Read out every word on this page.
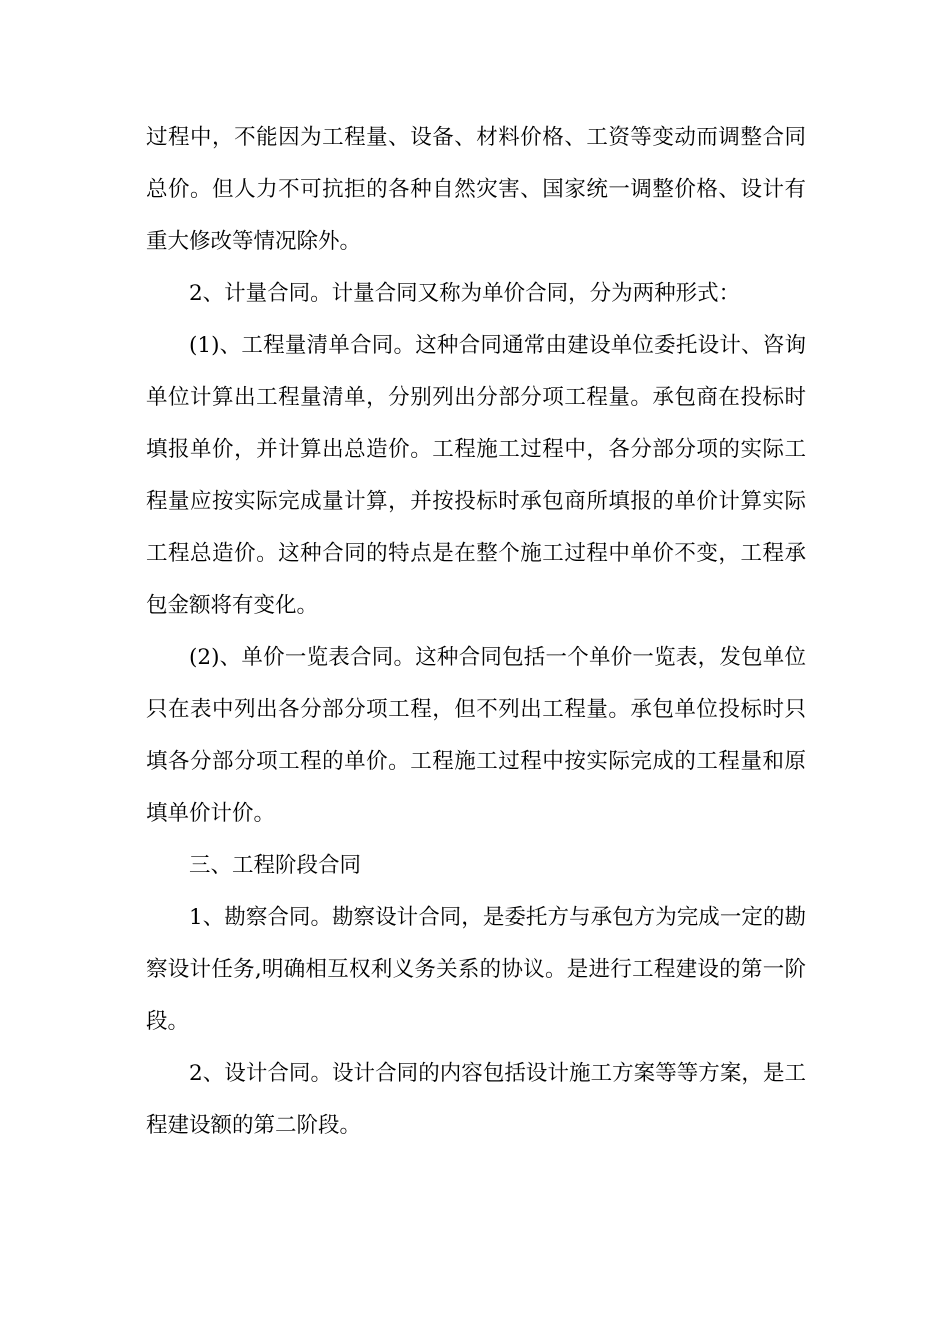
过程中，不能因为工程量、设备、材料价格、工资等变动而调整合同总价。但人力不可抗拒的各种自然灾害、国家统一调整价格、设计有重大修改等情况除外。

2、计量合同。计量合同又称为单价合同，分为两种形式：

(1)、工程量清单合同。这种合同通常由建设单位委托设计、咨询单位计算出工程量清单，分别列出分部分项工程量。承包商在投标时填报单价，并计算出总造价。工程施工过程中，各分部分项的实际工程量应按实际完成量计算，并按投标时承包商所填报的单价计算实际工程总造价。这种合同的特点是在整个施工过程中单价不变，工程承包金额将有变化。

(2)、单价一览表合同。这种合同包括一个单价一览表，发包单位只在表中列出各分部分项工程，但不列出工程量。承包单位投标时只填各分部分项工程的单价。工程施工过程中按实际完成的工程量和原填单价计价。

三、工程阶段合同

1、勘察合同。勘察设计合同，是委托方与承包方为完成一定的勘察设计任务,明确相互权利义务关系的协议。是进行工程建设的第一阶段。

2、设计合同。设计合同的内容包括设计施工方案等等方案，是工程建设额的第二阶段。
